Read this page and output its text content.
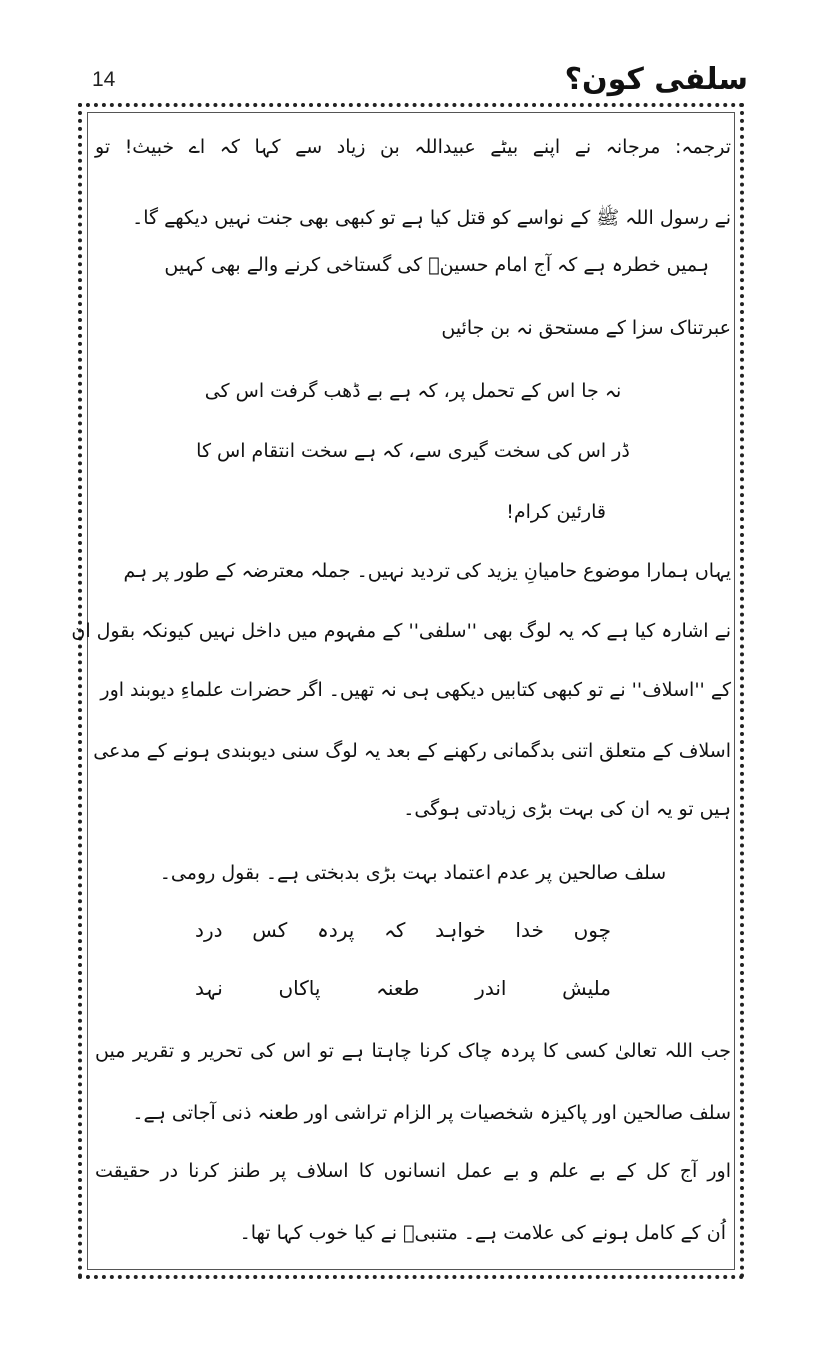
14	سلفی کون؟
ترجمہ: مرجانہ نے اپنے بیٹے عبیداللہ بن زیاد سے کہا کہ اے خبیث! تو
نے رسول اللہ ﷺ کے نواسے کو قتل کیا ہے تو کبھی بھی جنت نہیں دیکھے گا۔
ہمیں خطرہ ہے کہ آج امام حسینؓ کی گستاخی کرنے والے بھی کہیں
عبرتناک سزا کے مستحق نہ بن جائیں
نہ جا اس کے تحمل پر، کہ ہے بے ڈھب گرفت اس کی
ڈر اس کی سخت گیری سے، کہ ہے سخت انتقام اس کا
قارئین کرام!
یہاں ہمارا موضوع حامیانِ یزید کی تردید نہیں۔ جملہ معترضہ کے طور پر ہم
نے اشارہ کیا ہے کہ یہ لوگ بھی ''سلفی'' کے مفہوم میں داخل نہیں کیونکہ بقول ان
کے ''اسلاف'' نے تو کبھی کتابیں دیکھی ہی نہ تھیں۔ اگر حضرات علماءِ دیوبند اور
اسلاف کے متعلق اتنی بدگمانی رکھنے کے بعد یہ لوگ سنی دیوبندی ہونے کے مدعی
ہیں تو یہ ان کی بہت بڑی زیادتی ہوگی۔
سلف صالحین پر عدم اعتماد بہت بڑی بدبختی ہے۔ بقول رومی۔
چوں
خدا
خواہد
کہ
پردہ
کس
درد
ملیش
اندر
طعنہ
پاکاں
نہد
جب اللہ تعالیٰ کسی کا پردہ چاک کرنا چاہتا ہے تو اس کی تحریر و تقریر میں
سلف صالحین اور پاکیزہ شخصیات پر الزام تراشی اور طعنہ ذنی آجاتی ہے۔
اور آج کل کے بے علم و بے عمل انسانوں کا اسلاف پر طنز کرنا در حقیقت
اُن کے کامل ہونے کی علامت ہے۔ متنبیؔ نے کیا خوب کہا تھا۔
